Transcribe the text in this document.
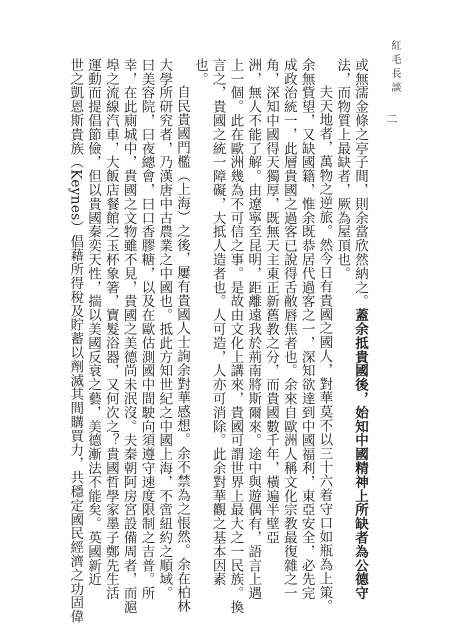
紅毛長談
二

或無濡金條之亭子間，則余當欣然納之。蓋余抵貴國後，始知中國精神上所缺者為公德守

法，而物質上最缺者，厥為屋頂也。

夫天地者，萬物之逆旅。然今日有貴國之國人，對華莫不以三十六着守口如瓶為上策。

余無貲望，又缺國籍，惟余既恭居代過客之一，深知欲達到中國福利，東亞安全，必先完

成政治統一，此層貴國之過客已說得舌敝唇焦者也。余來自歐洲人稱文化宗教最復雜之一

角，深知中國得天獨厚，既無天主東正新舊教之分，而貴國數千年，橫遍半壁亞

洲，無人不能了解。由遼寧至昆明，距離遠我於荊南將斯爾來。途中與遊偶有，語言上遇

上一個。此在歐洲幾為不可信之事。是故由文化上講來，貴國可謂世界上最大之一民族。換

言之，貴國之統一障礙，大抵人造者也。人可造，人亦可消除。此余對華觀之基本因素

也。

自民貴國門檻（上海）之後，屢有貴國人士詢余對華感想。余不禁為之悵然。余在柏林

大學所研究者，乃漢唐中古農業之中國也。抵此方知世紀之中國上海，不啻紐約之順域。

曰美容院，曰夜總會，曰口香膠糖，以及在歐估測國中間駛向須遵守速度限制之吉普。所

幸，在此廁城中，貴國之文物雖不見，貴國之美德尚未泯沒。夫秦朝阿房宮設備周者，而滬

埠之流線汽車，大飯店餐館之玉杯象箸，寶髮浴器，又何次之？貴國哲學家墨子鄭先生活

運動而提倡節儉，但以貴國秦奕天性，揣以美國反衰之藝，美德漸法不能矣。英國新近

世之凱恩斯貴族（Keynes）倡藉所得稅及貯蓄以劑滅其間購買力，共穩定國民經濟之功固偉
